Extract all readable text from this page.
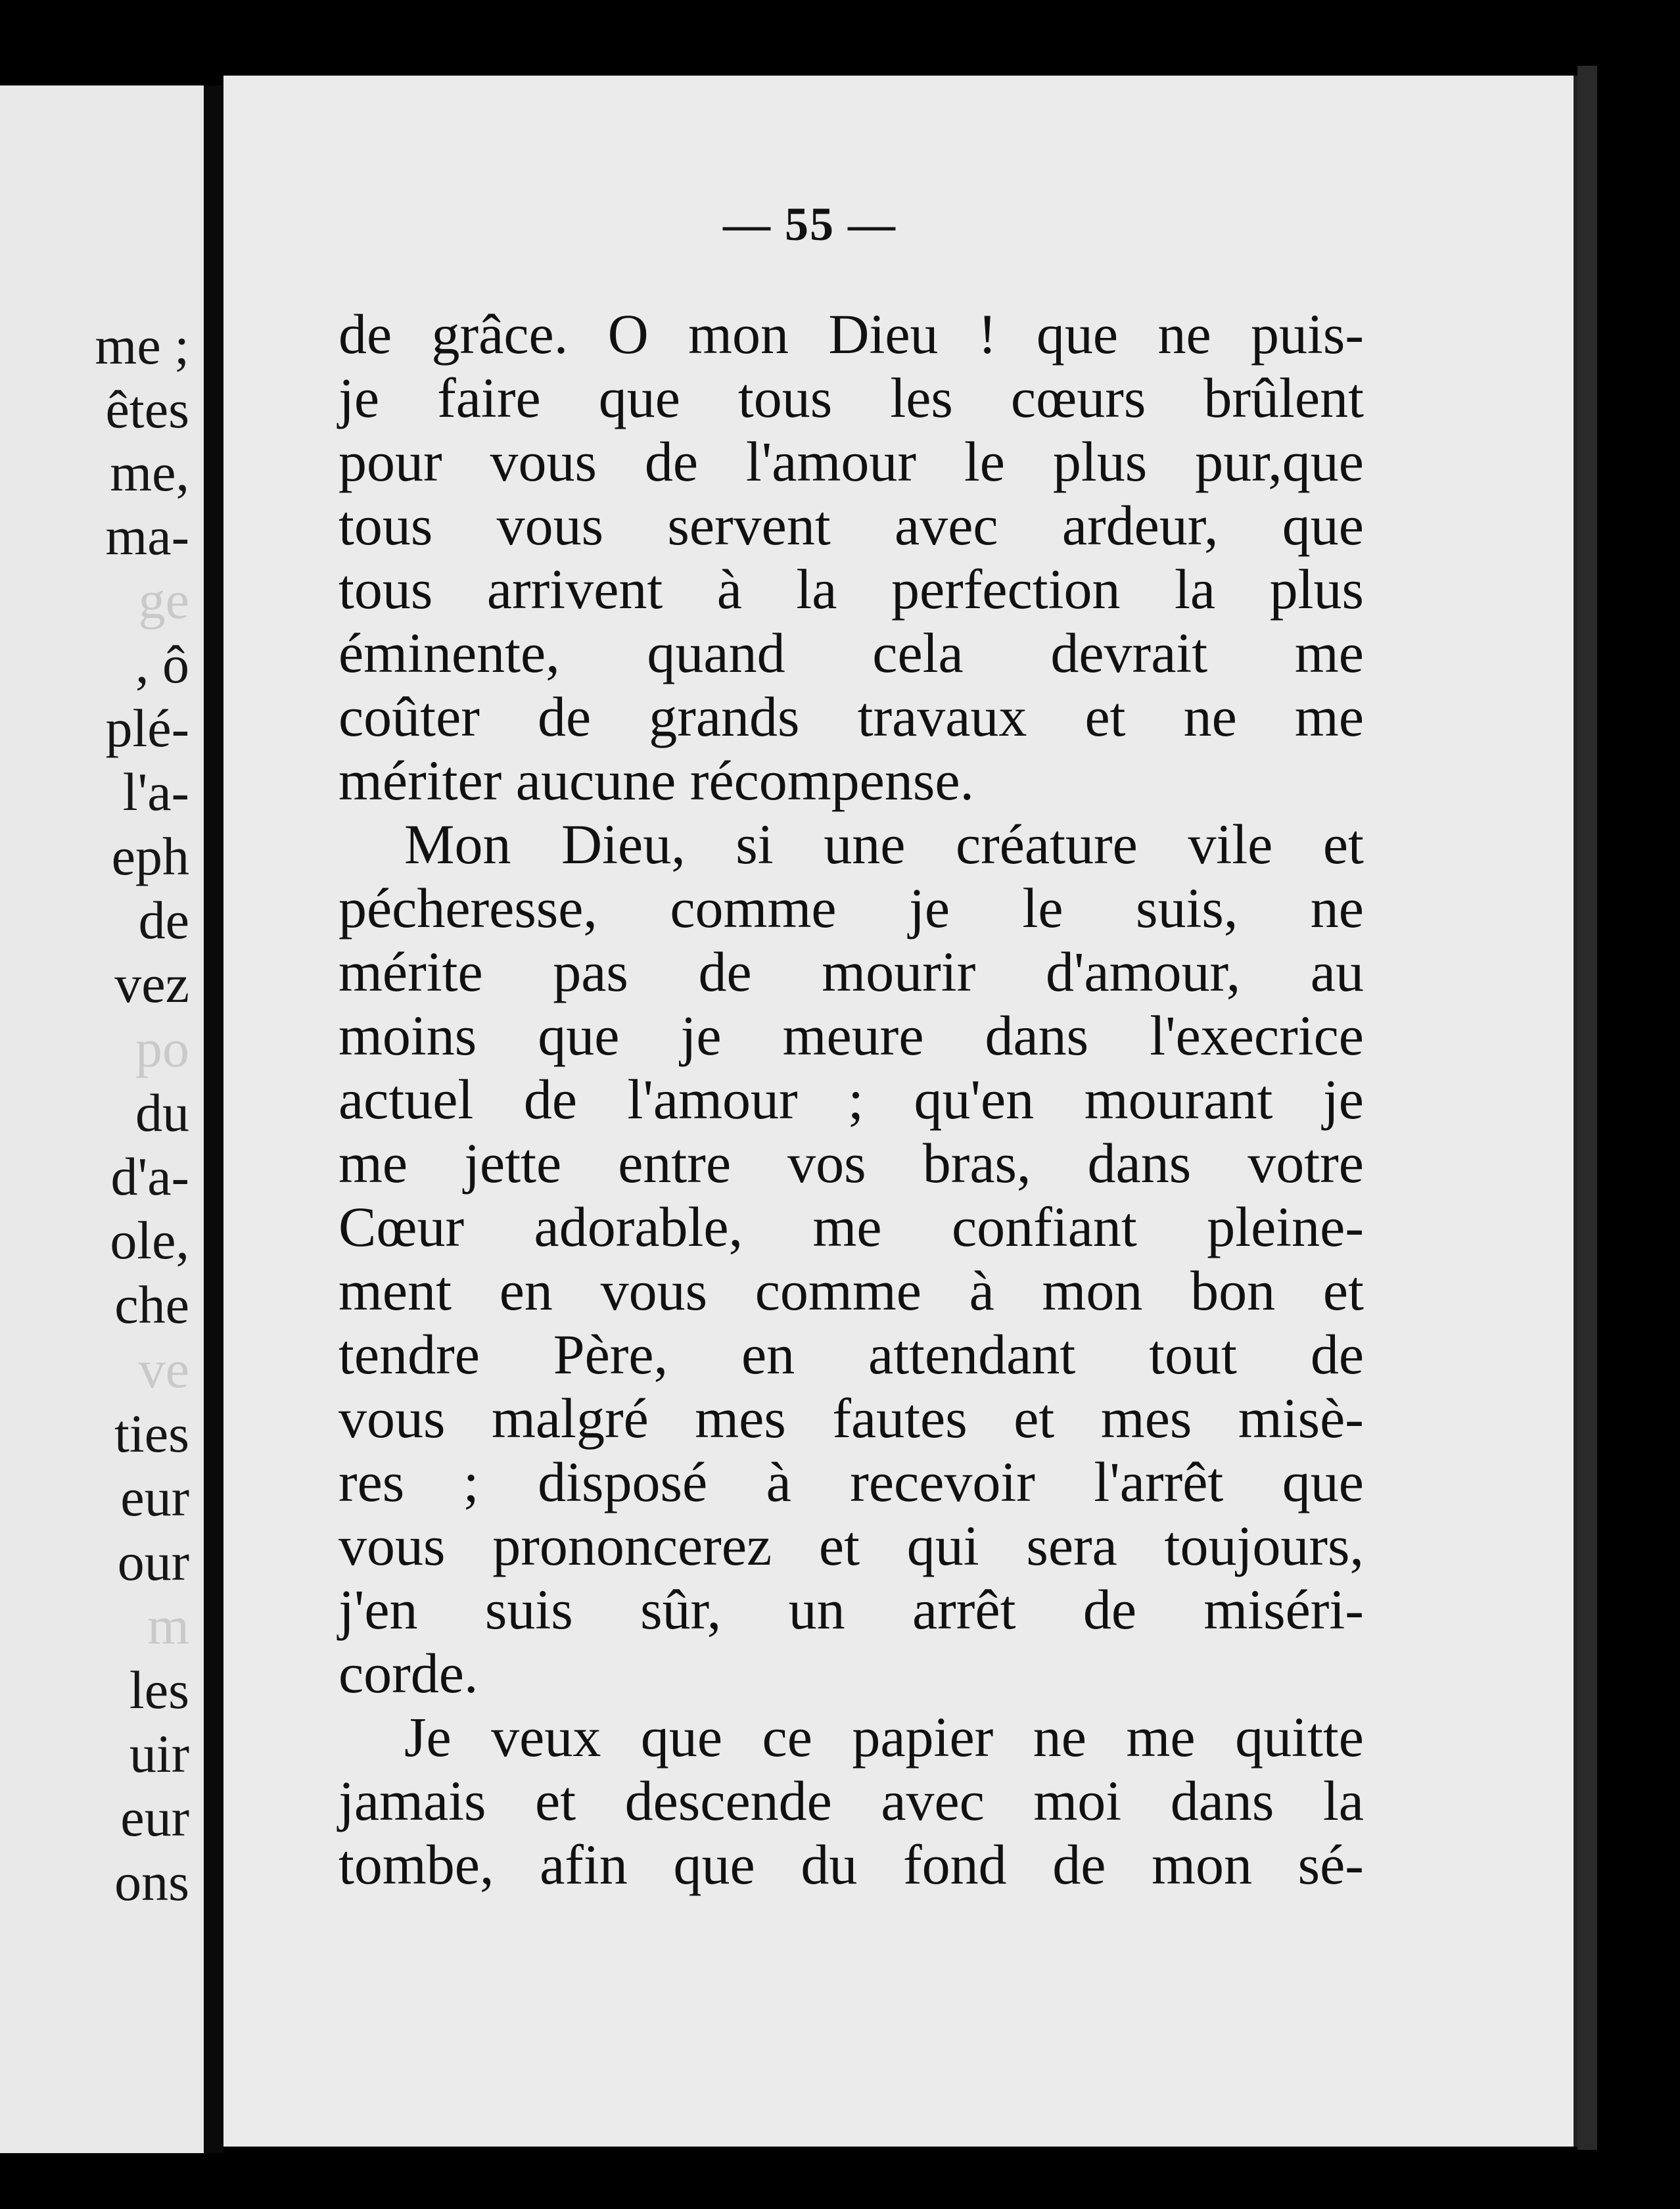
me ;
êtes
me,
ma-
ge
, ô
plé-
l'a-
eph
de
vez
po
du
d'a-
ole,
che
ve
ties
eur
our
m
les
uir
eur
ons
— 55 —
de grâce. O mon Dieu ! que ne puis-
je faire que tous les cœurs brûlent
pour vous de l'amour le plus pur,que
tous vous servent avec ardeur, que
tous arrivent à la perfection la plus
éminente, quand cela devrait me
coûter de grands travaux et ne me
mériter aucune récompense.
Mon Dieu, si une créature vile et
pécheresse, comme je le suis, ne
mérite pas de mourir d'amour, au
moins que je meure dans l'execrice
actuel de l'amour ; qu'en mourant je
me jette entre vos bras, dans votre
Cœur adorable, me confiant pleine-
ment en vous comme à mon bon et
tendre Père, en attendant tout de
vous malgré mes fautes et mes misè-
res ; disposé à recevoir l'arrêt que
vous prononcerez et qui sera toujours,
j'en suis sûr, un arrêt de miséri-
corde.
Je veux que ce papier ne me quitte
jamais et descende avec moi dans la
tombe, afin que du fond de mon sé-
